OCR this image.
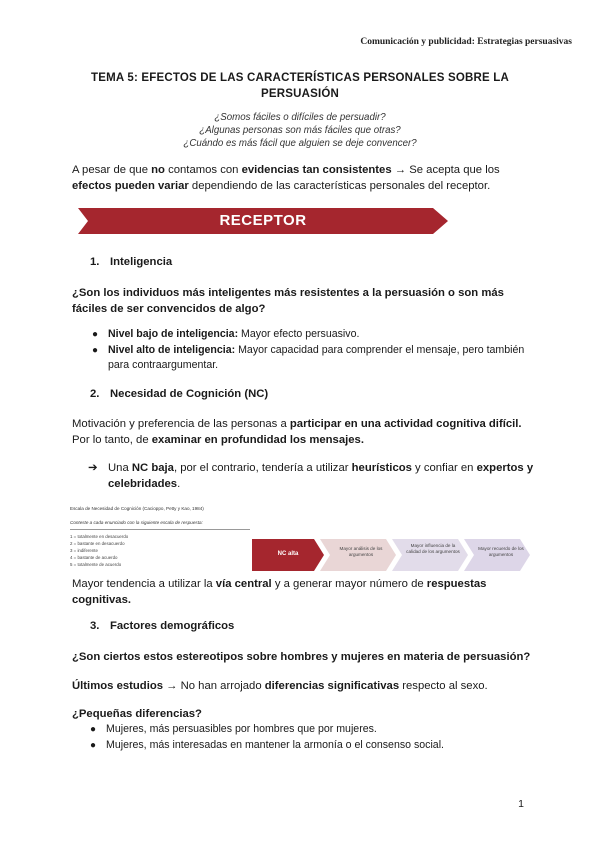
Comunicación y publicidad: Estrategias persuasivas
TEMA 5: EFECTOS DE LAS CARACTERÍSTICAS PERSONALES SOBRE LA PERSUASIÓN
¿Somos fáciles o difíciles de persuadir?
¿Algunas personas son más fáciles que otras?
¿Cuándo es más fácil que alguien se deje convencer?
A pesar de que no contamos con evidencias tan consistentes → Se acepta que los efectos pueden variar dependiendo de las características personales del receptor.
RECEPTOR
1. Inteligencia
¿Son los individuos más inteligentes más resistentes a la persuasión o son más fáciles de ser convencidos de algo?
● Nivel bajo de inteligencia: Mayor efecto persuasivo.
● Nivel alto de inteligencia: Mayor capacidad para comprender el mensaje, pero también para contraargumentar.
2. Necesidad de Cognición (NC)
Motivación y preferencia de las personas a participar en una actividad cognitiva difícil. Por lo tanto, de examinar en profundidad los mensajes.
➔ Una NC baja, por el contrario, tendería a utilizar heurísticos y confiar en expertos y celebridades.
Escala de Necesidad de Cognición (Cacioppo, Petty y Kao, 1984)
Conteste a cada enunciado con la siguiente escala de respuesta:
1 = totalmente en desacuerdo
2 = bastante en desacuerdo
3 = indiferente
4 = bastante de acuerdo
5 = totalmente de acuerdo
NC alta
Mayor análisis de los argumentos
Mayor influencia de la calidad de los argumentos
Mayor recuerdo de los argumentos
Mayor tendencia a utilizar la vía central y a generar mayor número de respuestas cognitivas.
3. Factores demográficos
¿Son ciertos estos estereotipos sobre hombres y mujeres en materia de persuasión?
Últimos estudios → No han arrojado diferencias significativas respecto al sexo.
¿Pequeñas diferencias?
● Mujeres, más persuasibles por hombres que por mujeres.
● Mujeres, más interesadas en mantener la armonía o el consenso social.
1
